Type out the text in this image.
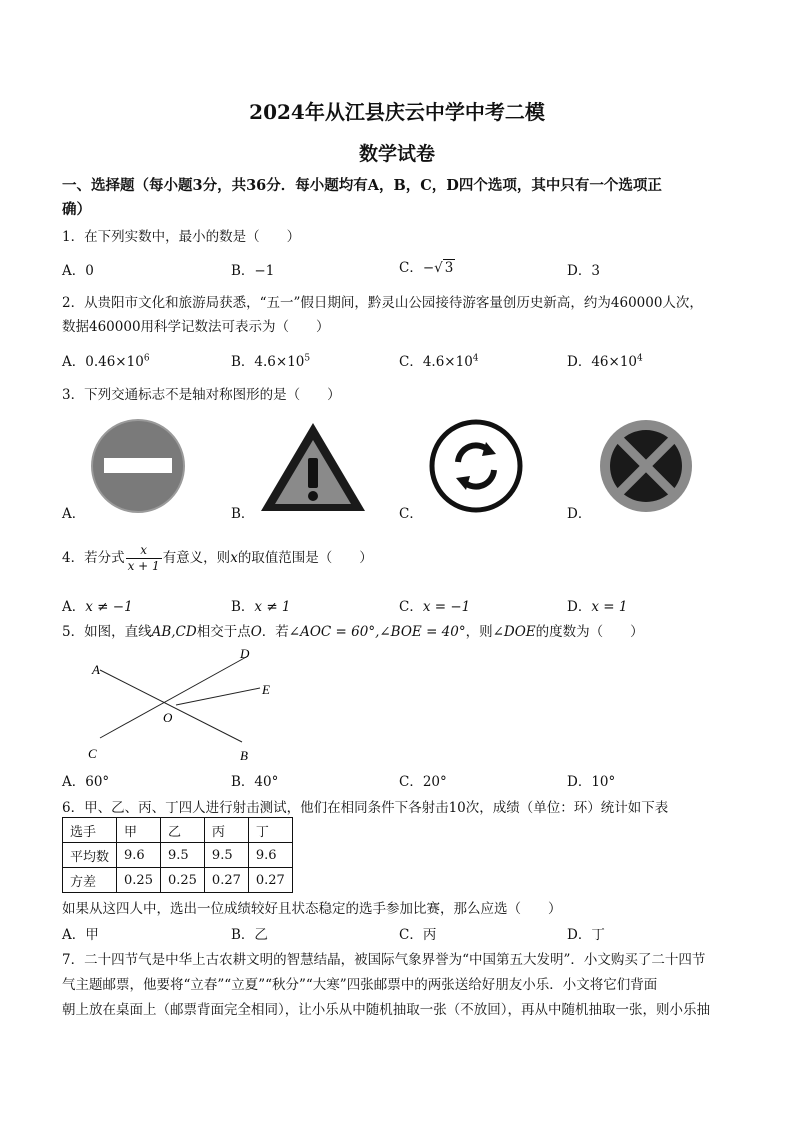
2024年从江县庆云中学中考二模
数学试卷
一、选择题（每小题3分，共36分．每小题均有A，B，C，D四个选项，其中只有一个选项正
确）
1．在下列实数中，最小的数是（　　）
A．0	B．−1	C．−√ 3	D．3
2．从贵阳市文化和旅游局获悉，“五一”假日期间，黔灵山公园接待游客量创历史新高，约为460000人次，
数据460000用科学记数法可表示为（　　）
A．$0.46\times 10^6$	B．$4.6\times 10^5$	C．$4.6\times 10^4$	D．$46\times 10^4$
3．下列交通标志不是轴对称图形的是（　　）
A．	B．	C．	D．
4．若分式 $\frac{x}{x + 1}$ 有意义，则x的取值范围是（　　）
A．x ≠ −1	B．x ≠ 1	C．x = −1	D．x = 1
5．如图，直线AB,CD相交于点O．若∠AOC = 60°,∠BOE = 40°，则∠DOE的度数为（　　）
A
B
C
D
E
O
A．60°	B．40°	C．20°	D．10°
6．甲、乙、丙、丁四人进行射击测试，他们在相同条件下各射击10次，成绩（单位：环）统计如下表
选手	甲	乙	丙	丁
平均数	9.6	9.5	9.5	9.6
方差	0.25	0.25	0.27	0.27
如果从这四人中，选出一位成绩较好且状态稳定的选手参加比赛，那么应选（　　）
A．甲	B．乙	C．丙	D．丁
7．二十四节气是中华上古农耕文明的智慧结晶，被国际气象界誉为“中国第五大发明”．小文购买了二十四节
气主题邮票，他要将“立春”“立夏”“秋分”“大寒”四张邮票中的两张送给好朋友小乐．小文将它们背面
朝上放在桌面上（邮票背面完全相同），让小乐从中随机抽取一张（不放回），再从中随机抽取一张，则小乐抽
